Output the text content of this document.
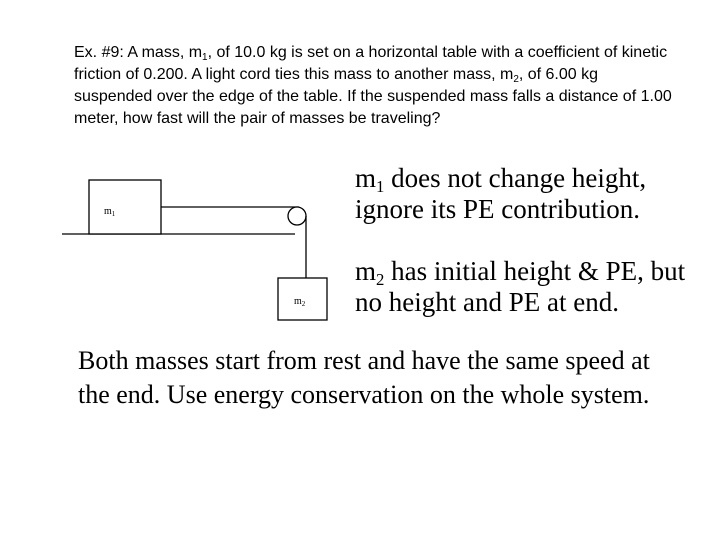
Ex. #9: A mass, $m_1$, of 10.0 kg is set on a horizontal table with a coefficient of kinetic friction of 0.200. A light cord ties this mass to another mass, $m_2$, of 6.00 kg suspended over the edge of the table. If the suspended mass falls a distance of 1.00 meter, how fast will the pair of masses be traveling?

$m_1$
$m_2$

$m_1$ does not change height, ignore its PE contribution.

$m_2$ has initial height & PE, but no height and PE at end.

Both masses start from rest and have the same speed at the end. Use energy conservation on the whole system.
